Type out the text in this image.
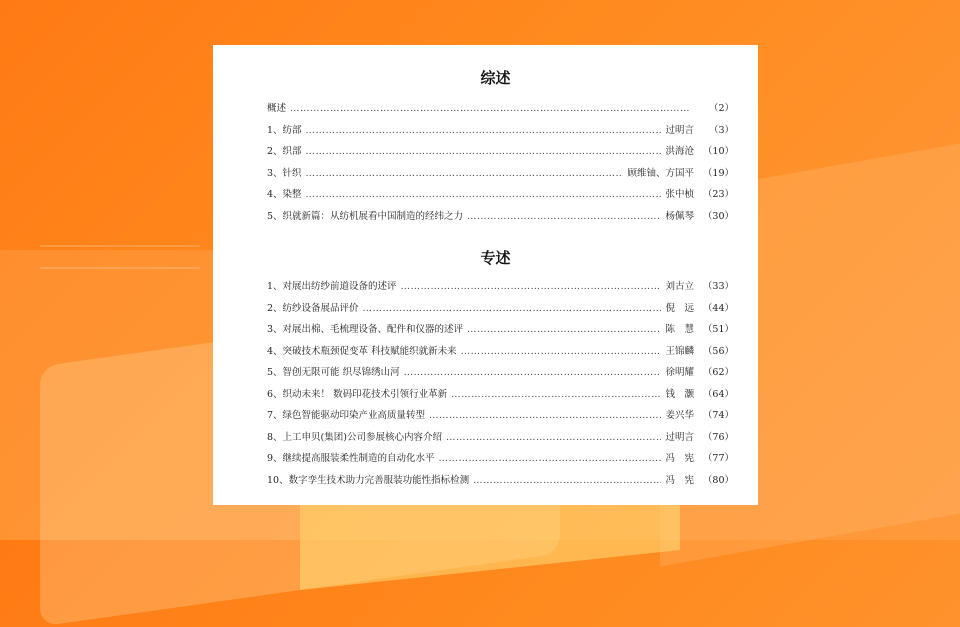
综述
概述 …………………………………………………………………………………………………………………………………………………………	（2）
1、纺部 …………………………………………………………………………………………………………………………………………………………	过明言	（3）
2、织部 …………………………………………………………………………………………………………………………………………………………	洪海沧 （10）
3、针织 …………………………………………………………………………………………………………………………………………………………	顾维铀、方国平 （19）
4、染整 …………………………………………………………………………………………………………………………………………………………	张中桢 （23）
5、织就新篇：从纺机展看中国制造的经纬之力 …………………………………………………………………………………………………………………………………………………………	杨佩琴 （30）
专述
1、对展出纺纱前道设备的述评 …………………………………………………………………………………………………………………………………………………………	刘古立 （33）
2、纺纱设备展品评价 …………………………………………………………………………………………………………………………………………………………	倪　远 （44）
3、对展出棉、毛梳理设备、配件和仪器的述评 …………………………………………………………………………………………………………………………………………………………	陈　慧 （51）
4、突破技术瓶颈促变革 科技赋能织就新未来 …………………………………………………………………………………………………………………………………………………………	王锦麟 （56）
5、智创无限可能 织尽锦绣山河 …………………………………………………………………………………………………………………………………………………………	徐明耀 （62）
6、织动未来！ 数码印花技术引领行业革新 …………………………………………………………………………………………………………………………………………………………	钱　灏 （64）
7、绿色智能驱动印染产业高质量转型 …………………………………………………………………………………………………………………………………………………………	姜兴华 （74）
8、上工申贝(集团)公司参展核心内容介绍 …………………………………………………………………………………………………………………………………………………………	过明言 （76）
9、继续提高服装柔性制造的自动化水平 …………………………………………………………………………………………………………………………………………………………	冯　宪 （77）
10、数字孪生技术助力完善服装功能性指标检测 …………………………………………………………………………………………………………………………………………………………	冯　宪 （80）
